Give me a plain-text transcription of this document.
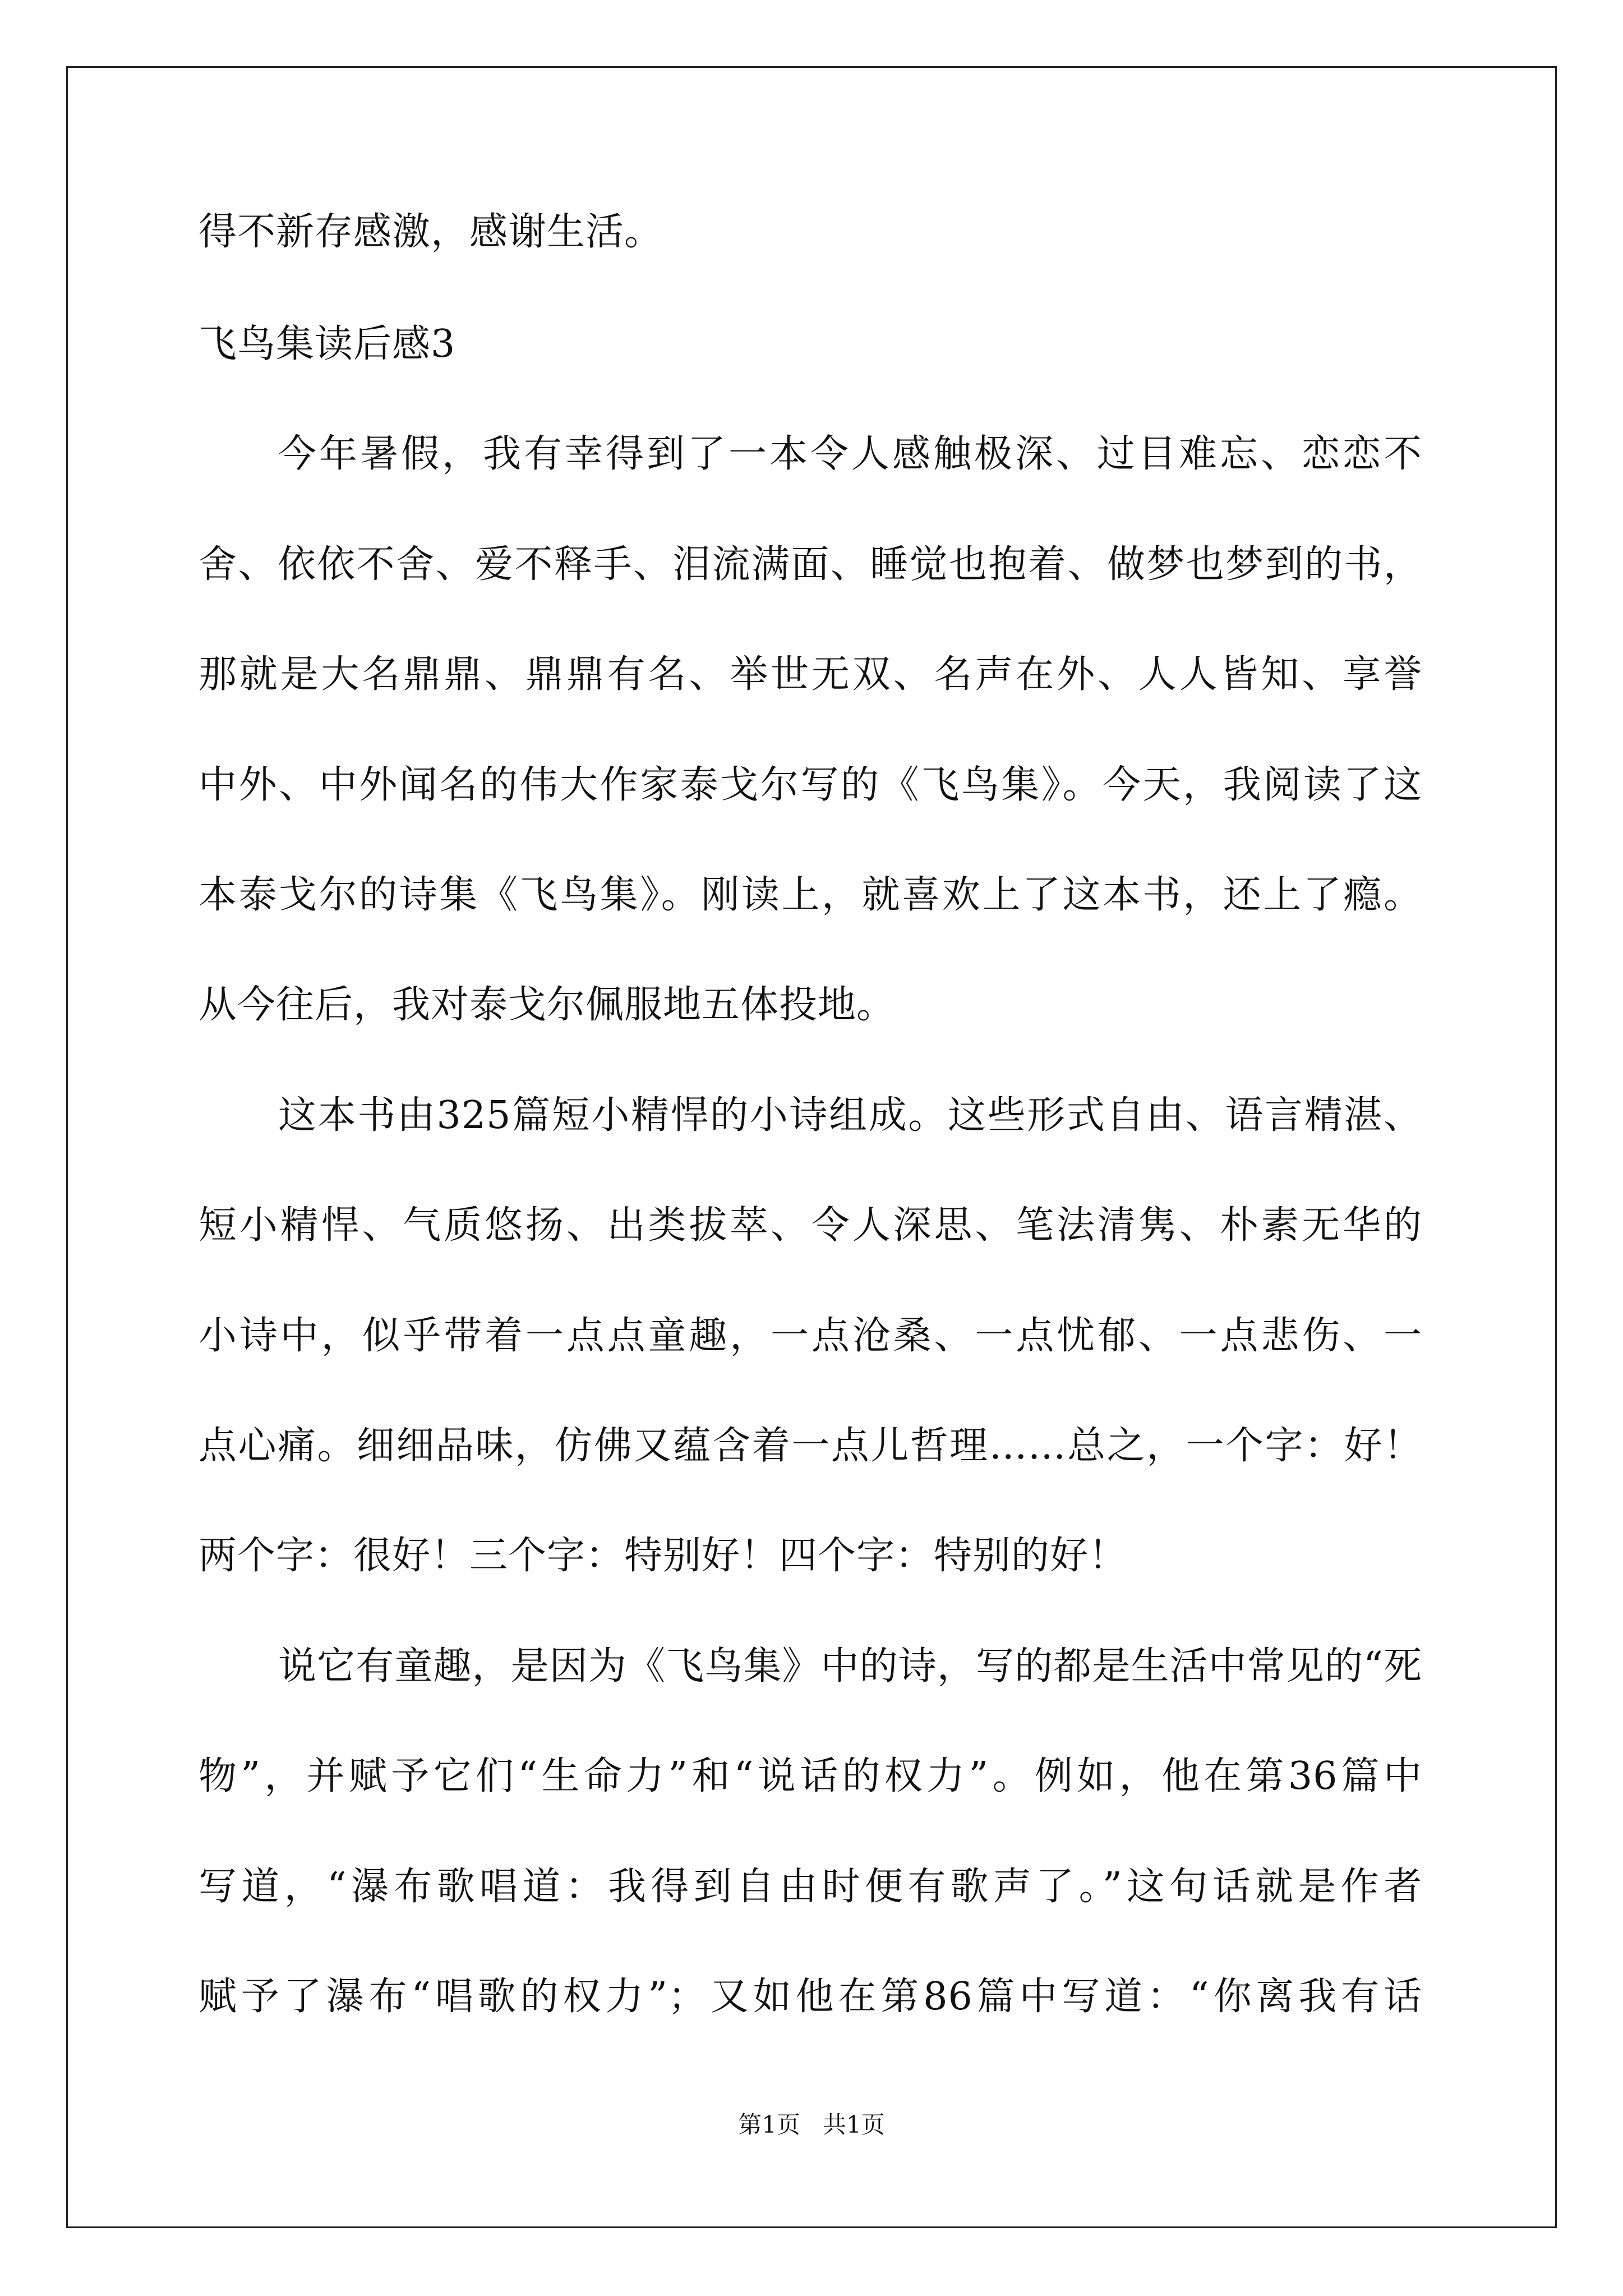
得不新存感激，感谢生活。
飞鸟集读后感3
今年暑假，我有幸得到了一本令人感触极深、过目难忘、恋恋不
舍、依依不舍、爱不释手、泪流满面、睡觉也抱着、做梦也梦到的书，
那就是大名鼎鼎、鼎鼎有名、举世无双、名声在外、人人皆知、享誉
中外、中外闻名的伟大作家泰戈尔写的《飞鸟集》。今天，我阅读了这
本泰戈尔的诗集《飞鸟集》。刚读上，就喜欢上了这本书，还上了瘾。
从今往后，我对泰戈尔佩服地五体投地。
这本书由325篇短小精悍的小诗组成。这些形式自由、语言精湛、
短小精悍、气质悠扬、出类拔萃、令人深思、笔法清隽、朴素无华的
小诗中，似乎带着一点点童趣，一点沧桑、一点忧郁、一点悲伤、一
点心痛。细细品味，仿佛又蕴含着一点儿哲理……总之，一个字：好！
两个字：很好！三个字：特别好！四个字：特别的好！
说它有童趣，是因为《飞鸟集》中的诗，写的都是生活中常见的“死
物”，并赋予它们“生命力”和“说话的权力”。例如，他在第36篇中
写道，“瀑布歌唱道：我得到自由时便有歌声了。”这句话就是作者
赋予了瀑布“唱歌的权力”；又如他在第86篇中写道：“你离我有话
第1页 共1页
